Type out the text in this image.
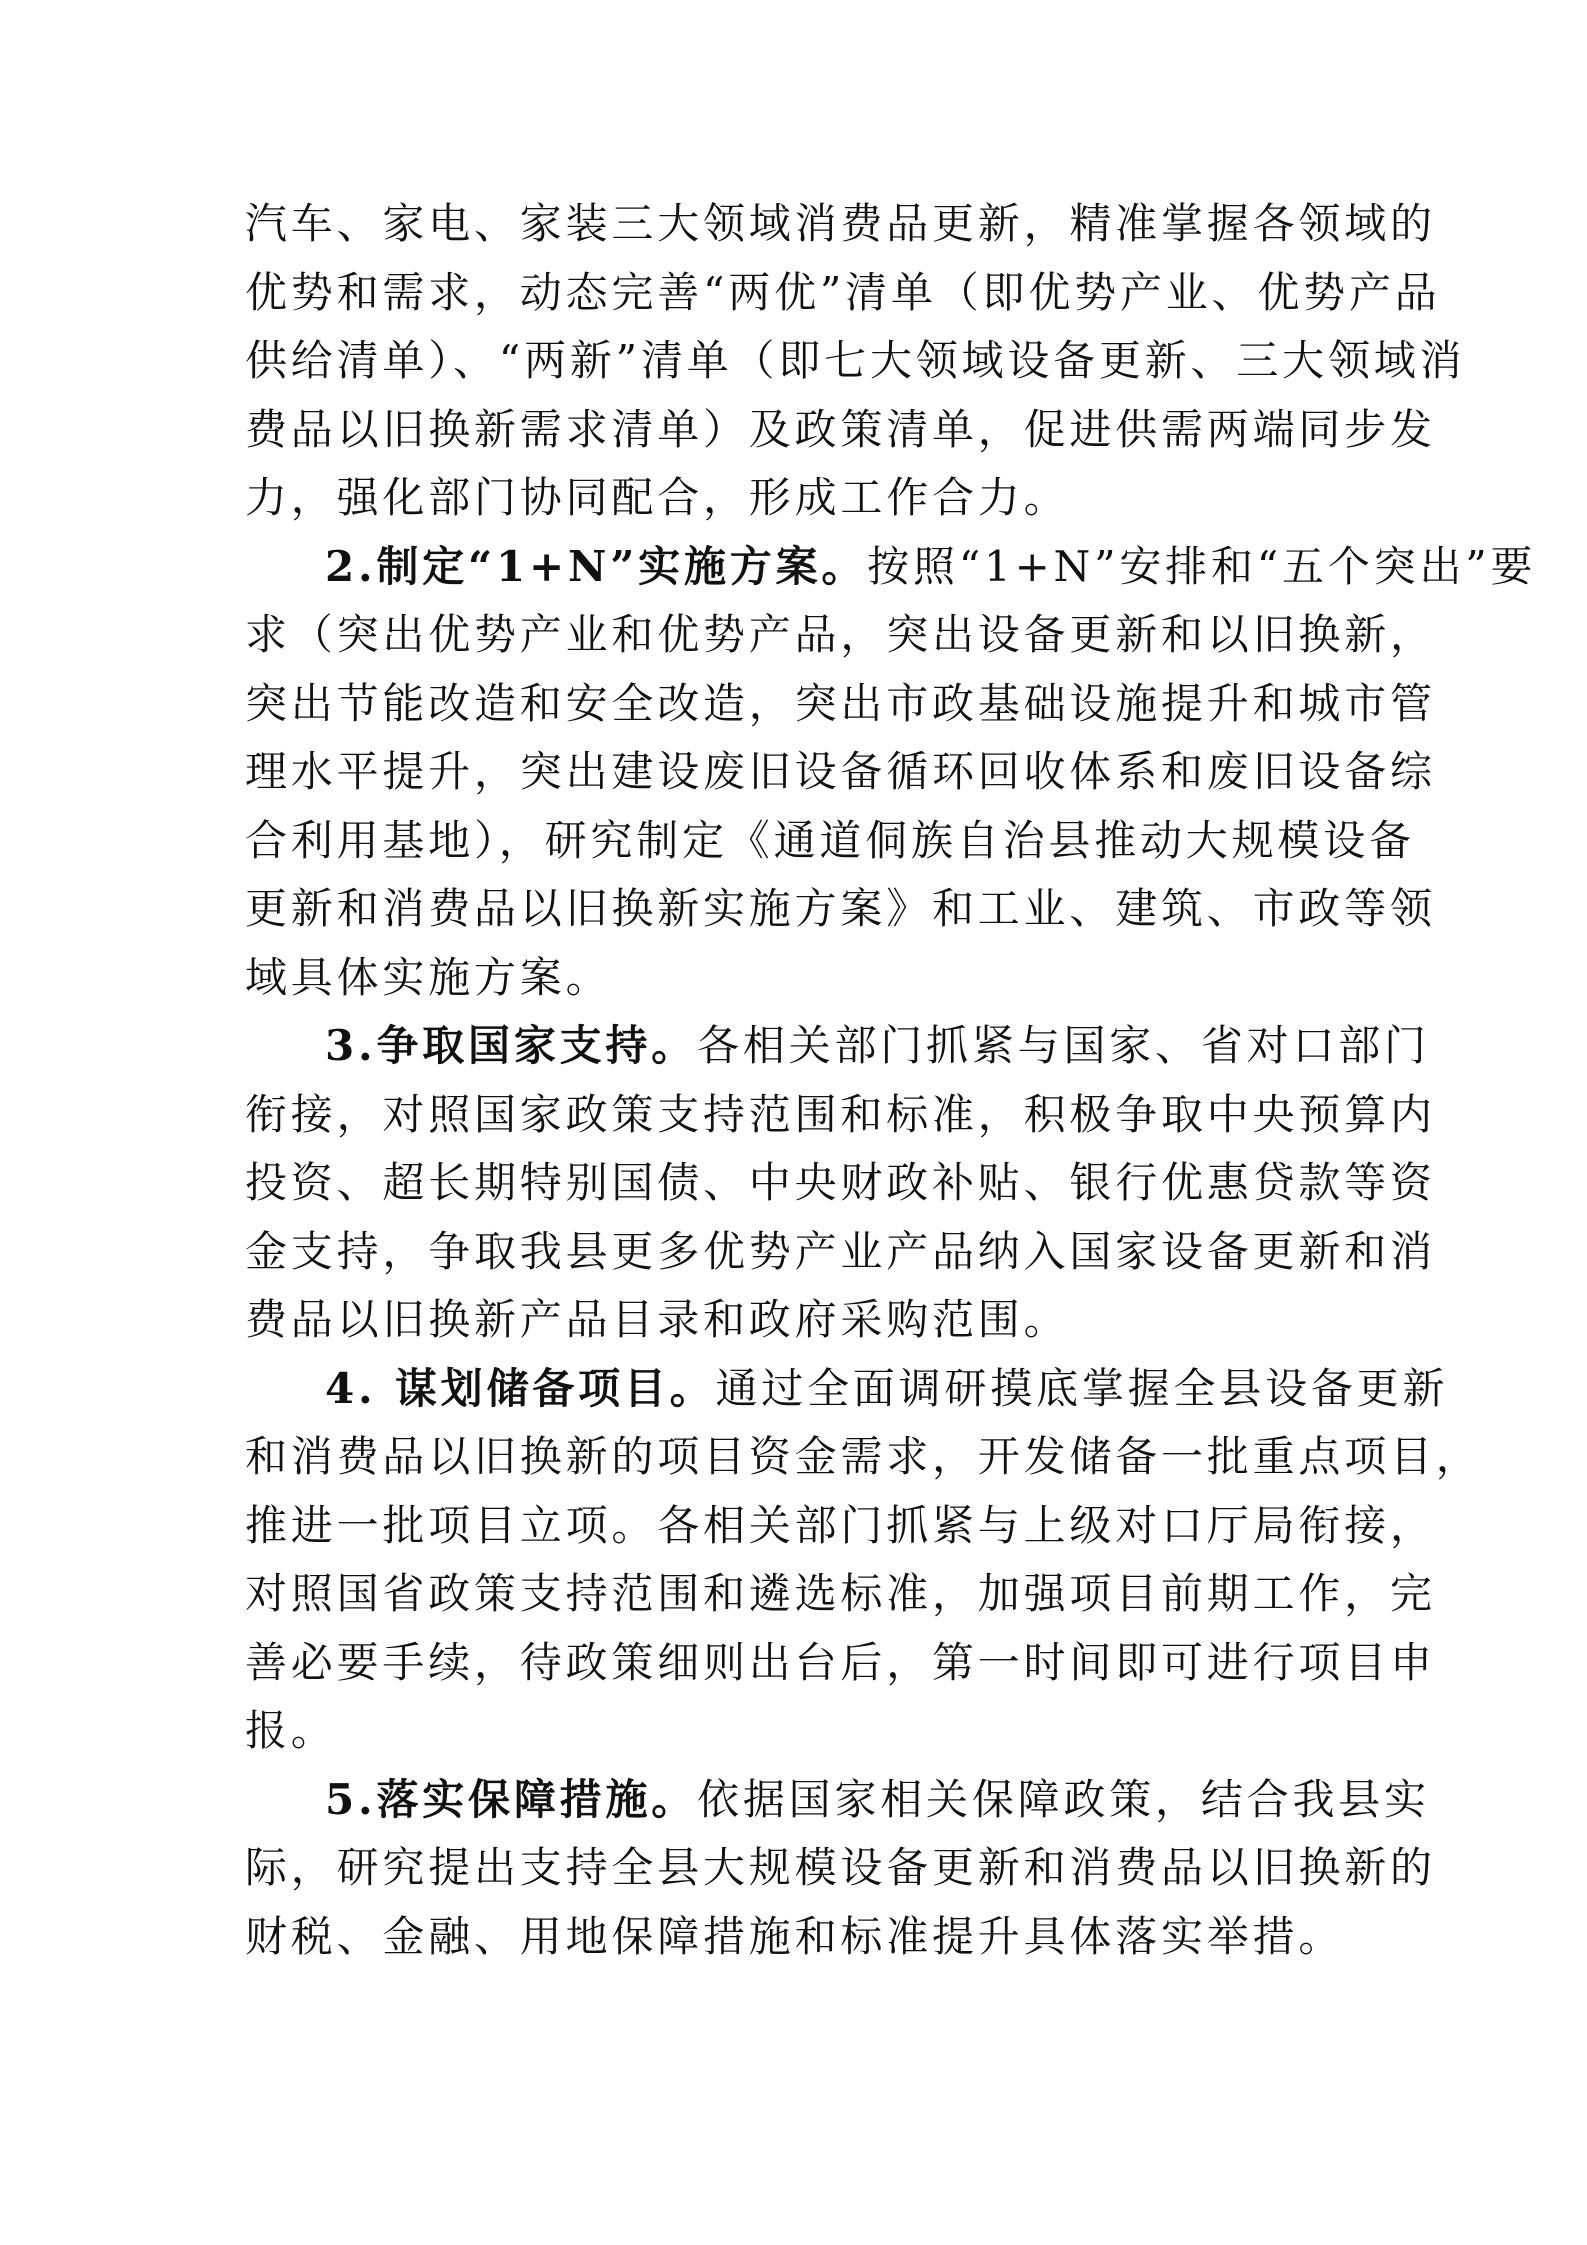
汽车、家电、家装三大领域消费品更新，精准掌握各领域的
优势和需求，动态完善“两优”清单（即优势产业、优势产品
供给清单）、“两新”清单（即七大领域设备更新、三大领域消
费品以旧换新需求清单）及政策清单，促进供需两端同步发
力，强化部门协同配合，形成工作合力。
2.制定“1+N”实施方案。按照“1+N”安排和“五个突出”要
求（突出优势产业和优势产品，突出设备更新和以旧换新，
突出节能改造和安全改造，突出市政基础设施提升和城市管
理水平提升，突出建设废旧设备循环回收体系和废旧设备综
合利用基地），研究制定《通道侗族自治县推动大规模设备
更新和消费品以旧换新实施方案》和工业、建筑、市政等领
域具体实施方案。
3.争取国家支持。各相关部门抓紧与国家、省对口部门
衔接，对照国家政策支持范围和标准，积极争取中央预算内
投资、超长期特别国债、中央财政补贴、银行优惠贷款等资
金支持，争取我县更多优势产业产品纳入国家设备更新和消
费品以旧换新产品目录和政府采购范围。
4. 谋划储备项目。通过全面调研摸底掌握全县设备更新
和消费品以旧换新的项目资金需求，开发储备一批重点项目，
推进一批项目立项。各相关部门抓紧与上级对口厅局衔接，
对照国省政策支持范围和遴选标准，加强项目前期工作，完
善必要手续，待政策细则出台后，第一时间即可进行项目申
报。
5.落实保障措施。依据国家相关保障政策，结合我县实
际，研究提出支持全县大规模设备更新和消费品以旧换新的
财税、金融、用地保障措施和标准提升具体落实举措。
